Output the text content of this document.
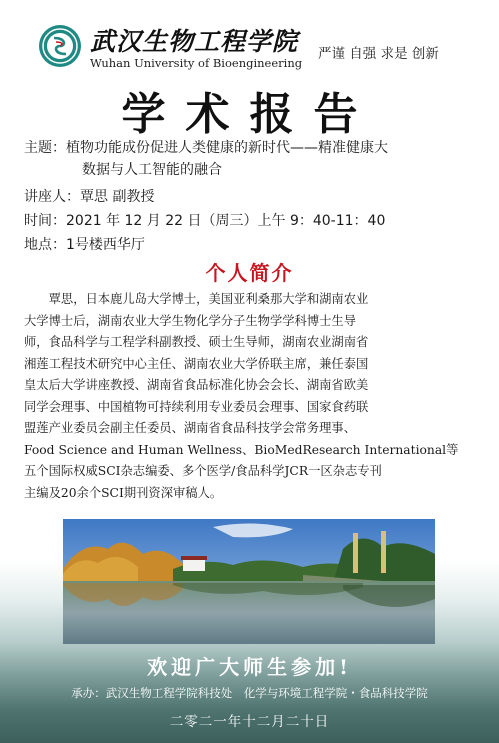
武汉生物工程学院
Wuhan University of Bioengineering
严谨 自强 求是 创新
学术报告
主题：植物功能成份促进人类健康的新时代——精准健康大
数据与人工智能的融合
讲座人：覃思 副教授
时间：2021 年 12 月 22 日（周三）上午 9：40-11：40
地点：1号楼西华厅
个人简介
　　覃思，日本鹿儿岛大学博士，美国亚利桑那大学和湖南农业
大学博士后，湖南农业大学生物化学分子生物学学科博士生导
师，食品科学与工程学科副教授、硕士生导师，湖南农业湖南省
湘莲工程技术研究中心主任、湖南农业大学侨联主席，兼任泰国
皇太后大学讲座教授、湖南省食品标准化协会会长、湖南省欧美
同学会理事、中国植物可持续利用专业委员会理事、国家食药联
盟莲产业委员会副主任委员、湖南省食品科技学会常务理事、
Food Science and Human Wellness、BioMedResearch International等
五个国际权威SCI杂志编委、多个医学/食品科学JCR一区杂志专刊
主编及20余个SCI期刊资深审稿人。
欢迎广大师生参加!
承办：武汉生物工程学院科技处　化学与环境工程学院・食品科技学院
二零二一年十二月二十日
